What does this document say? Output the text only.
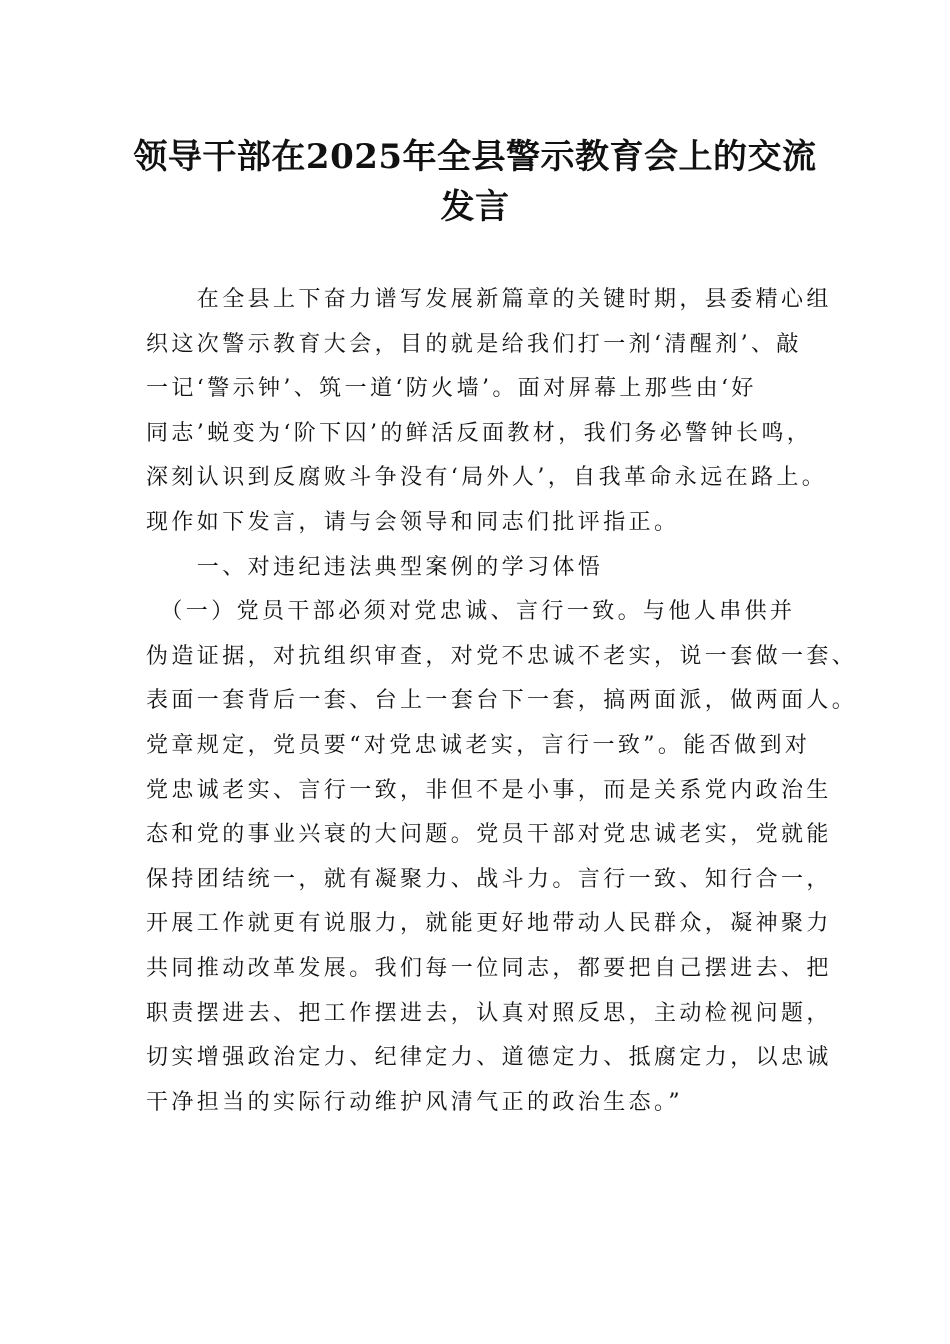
领导干部在2025年全县警示教育会上的交流
发言
　　在全县上下奋力谱写发展新篇章的关键时期，县委精心组
织这次警示教育大会，目的就是给我们打一剂‘清醒剂’、敲
一记‘警示钟’、筑一道‘防火墙’。面对屏幕上那些由‘好
同志’蜕变为‘阶下囚’的鲜活反面教材，我们务必警钟长鸣，
深刻认识到反腐败斗争没有‘局外人’，自我革命永远在路上。
现作如下发言，请与会领导和同志们批评指正。
　　一、对违纪违法典型案例的学习体悟
　（一）党员干部必须对党忠诚、言行一致。与他人串供并
伪造证据，对抗组织审查，对党不忠诚不老实，说一套做一套、
表面一套背后一套、台上一套台下一套，搞两面派，做两面人。
党章规定，党员要“对党忠诚老实，言行一致”。能否做到对
党忠诚老实、言行一致，非但不是小事，而是关系党内政治生
态和党的事业兴衰的大问题。党员干部对党忠诚老实，党就能
保持团结统一，就有凝聚力、战斗力。言行一致、知行合一，
开展工作就更有说服力，就能更好地带动人民群众，凝神聚力
共同推动改革发展。我们每一位同志，都要把自己摆进去、把
职责摆进去、把工作摆进去，认真对照反思，主动检视问题，
切实增强政治定力、纪律定力、道德定力、抵腐定力，以忠诚
干净担当的实际行动维护风清气正的政治生态。”
